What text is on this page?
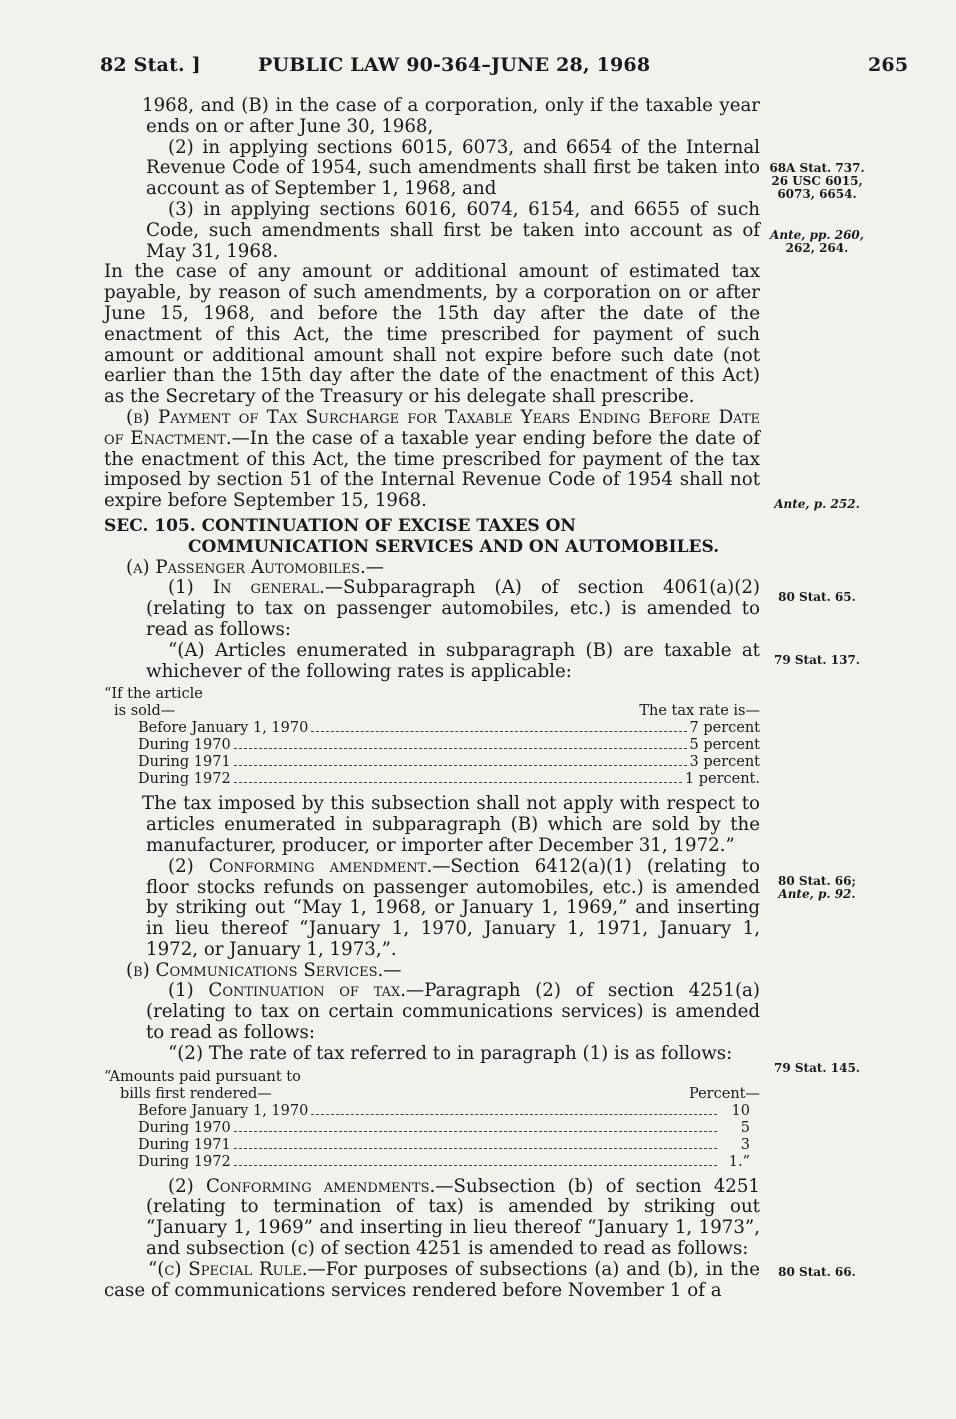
82 Stat. ]	PUBLIC LAW 90-364–JUNE 28, 1968	265

1968, and (B) in the case of a corporation, only if the taxable year ends on or after June 30, 1968,

(2) in applying sections 6015, 6073, and 6654 of the Internal Revenue Code of 1954, such amendments shall first be taken into account as of September 1, 1968, and

(3) in applying sections 6016, 6074, 6154, and 6655 of such Code, such amendments shall first be taken into account as of May 31, 1968.

In the case of any amount or additional amount of estimated tax payable, by reason of such amendments, by a corporation on or after June 15, 1968, and before the 15th day after the date of the enactment of this Act, the time prescribed for payment of such amount or additional amount shall not expire before such date (not earlier than the 15th day after the date of the enactment of this Act) as the Secretary of the Treasury or his delegate shall prescribe.

(b) Payment of Tax Surcharge for Taxable Years Ending Before Date of Enactment.—In the case of a taxable year ending before the date of the enactment of this Act, the time prescribed for payment of the tax imposed by section 51 of the Internal Revenue Code of 1954 shall not expire before September 15, 1968.

SEC. 105. CONTINUATION OF EXCISE TAXES ON COMMUNICATION SERVICES AND ON AUTOMOBILES.

(a) Passenger Automobiles.—

(1) In general.—Subparagraph (A) of section 4061(a)(2) (relating to tax on passenger automobiles, etc.) is amended to read as follows:

“(A) Articles enumerated in subparagraph (B) are taxable at whichever of the following rates is applicable:

“If the article
is sold—	The tax rate is—
Before January 1, 1970	7 percent
During 1970	5 percent
During 1971	3 percent
During 1972	1 percent.

The tax imposed by this subsection shall not apply with respect to articles enumerated in subparagraph (B) which are sold by the manufacturer, producer, or importer after December 31, 1972.”

(2) Conforming amendment.—Section 6412(a)(1) (relating to floor stocks refunds on passenger automobiles, etc.) is amended by striking out “May 1, 1968, or January 1, 1969,” and inserting in lieu thereof “January 1, 1970, January 1, 1971, January 1, 1972, or January 1, 1973,”.

(b) Communications Services.—

(1) Continuation of tax.—Paragraph (2) of section 4251(a) (relating to tax on certain communications services) is amended to read as follows:

“(2) The rate of tax referred to in paragraph (1) is as follows:

“Amounts paid pursuant to
bills first rendered—	Percent—
Before January 1, 1970	10
During 1970	5
During 1971	3
During 1972	1.”

(2) Conforming amendments.—Subsection (b) of section 4251 (relating to termination of tax) is amended by striking out “January 1, 1969” and inserting in lieu thereof “January 1, 1973”, and subsection (c) of section 4251 is amended to read as follows:

“(c) Special Rule.—For purposes of subsections (a) and (b), in the case of communications services rendered before November 1 of a

68A Stat. 737.
26 USC 6015,
6073, 6654.
Ante, pp. 260,
262, 264.
Ante, p. 252.
80 Stat. 65.
79 Stat. 137.
80 Stat. 66;
Ante, p. 92.
79 Stat. 145.
80 Stat. 66.
